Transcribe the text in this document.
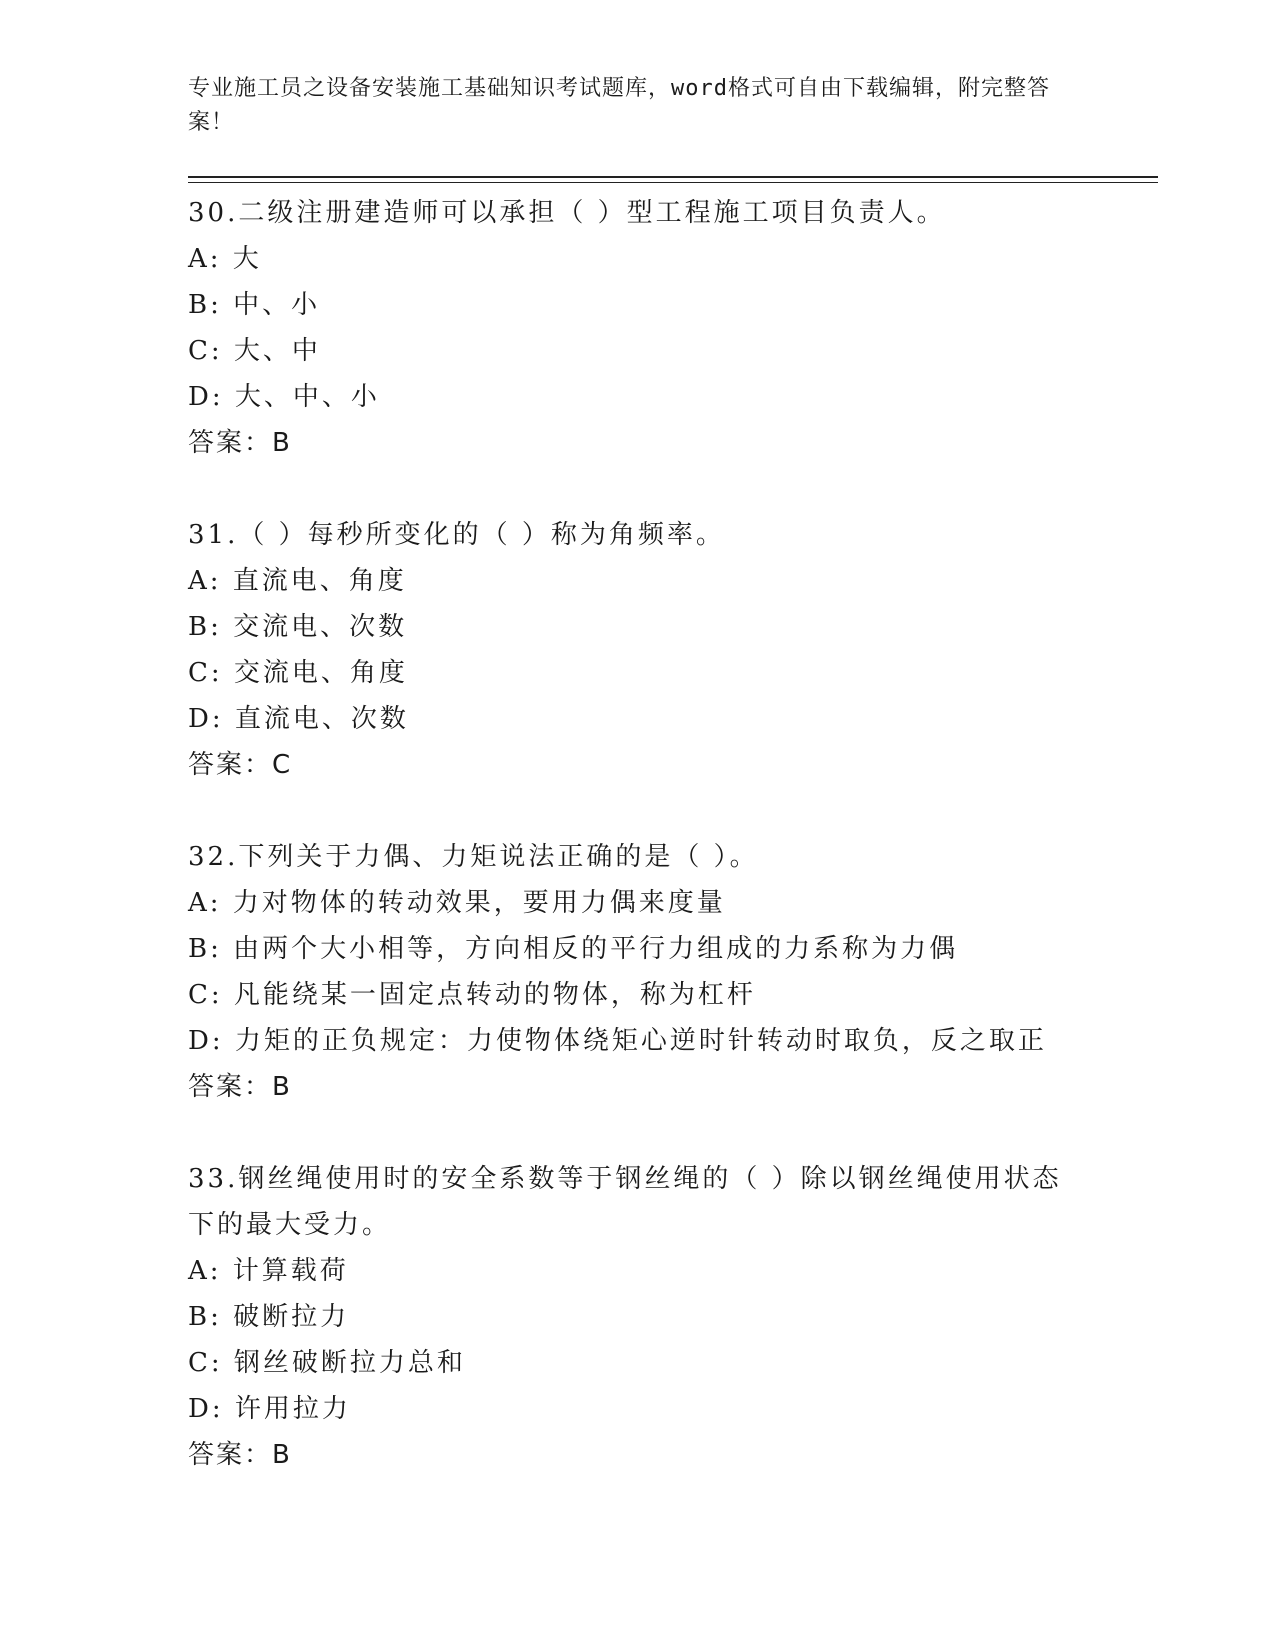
专业施工员之设备安装施工基础知识考试题库，word格式可自由下载编辑，附完整答案！
30.二级注册建造师可以承担（ ）型工程施工项目负责人。
A: 大
B: 中、小
C: 大、中
D: 大、中、小
答案：B
31.（ ）每秒所变化的（ ）称为角频率。
A: 直流电、角度
B: 交流电、次数
C: 交流电、角度
D: 直流电、次数
答案：C
32.下列关于力偶、力矩说法正确的是（ ）。
A: 力对物体的转动效果，要用力偶来度量
B: 由两个大小相等，方向相反的平行力组成的力系称为力偶
C: 凡能绕某一固定点转动的物体，称为杠杆
D: 力矩的正负规定：力使物体绕矩心逆时针转动时取负，反之取正
答案：B
33.钢丝绳使用时的安全系数等于钢丝绳的（ ）除以钢丝绳使用状态下的最大受力。
A: 计算载荷
B: 破断拉力
C: 钢丝破断拉力总和
D: 许用拉力
答案：B
